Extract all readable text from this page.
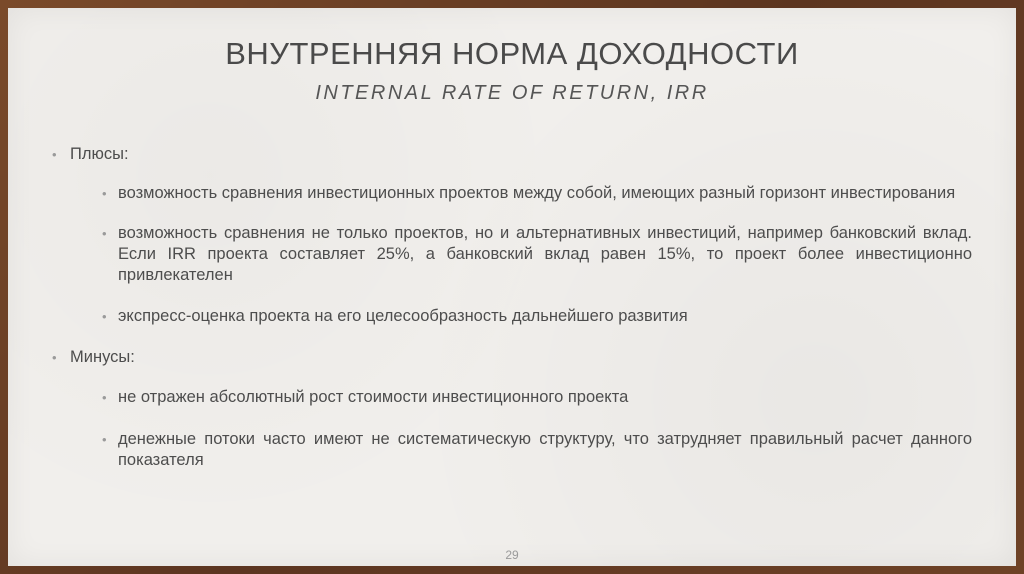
ВНУТРЕННЯЯ НОРМА ДОХОДНОСТИ
INTERNAL RATE OF RETURN, IRR
• Плюсы:
• возможность сравнения инвестиционных проектов между собой, имеющих разный горизонт инвестирования
• возможность сравнения не только проектов, но и альтернативных инвестиций, например банковский вклад. Если IRR проекта составляет 25%, а банковский вклад равен 15%, то проект более инвестиционно привлекателен
• экспресс-оценка проекта на его целесообразность дальнейшего развития
• Минусы:
• не отражен абсолютный рост стоимости инвестиционного проекта
• денежные потоки часто имеют не систематическую структуру, что затрудняет правильный расчет данного показателя
29
